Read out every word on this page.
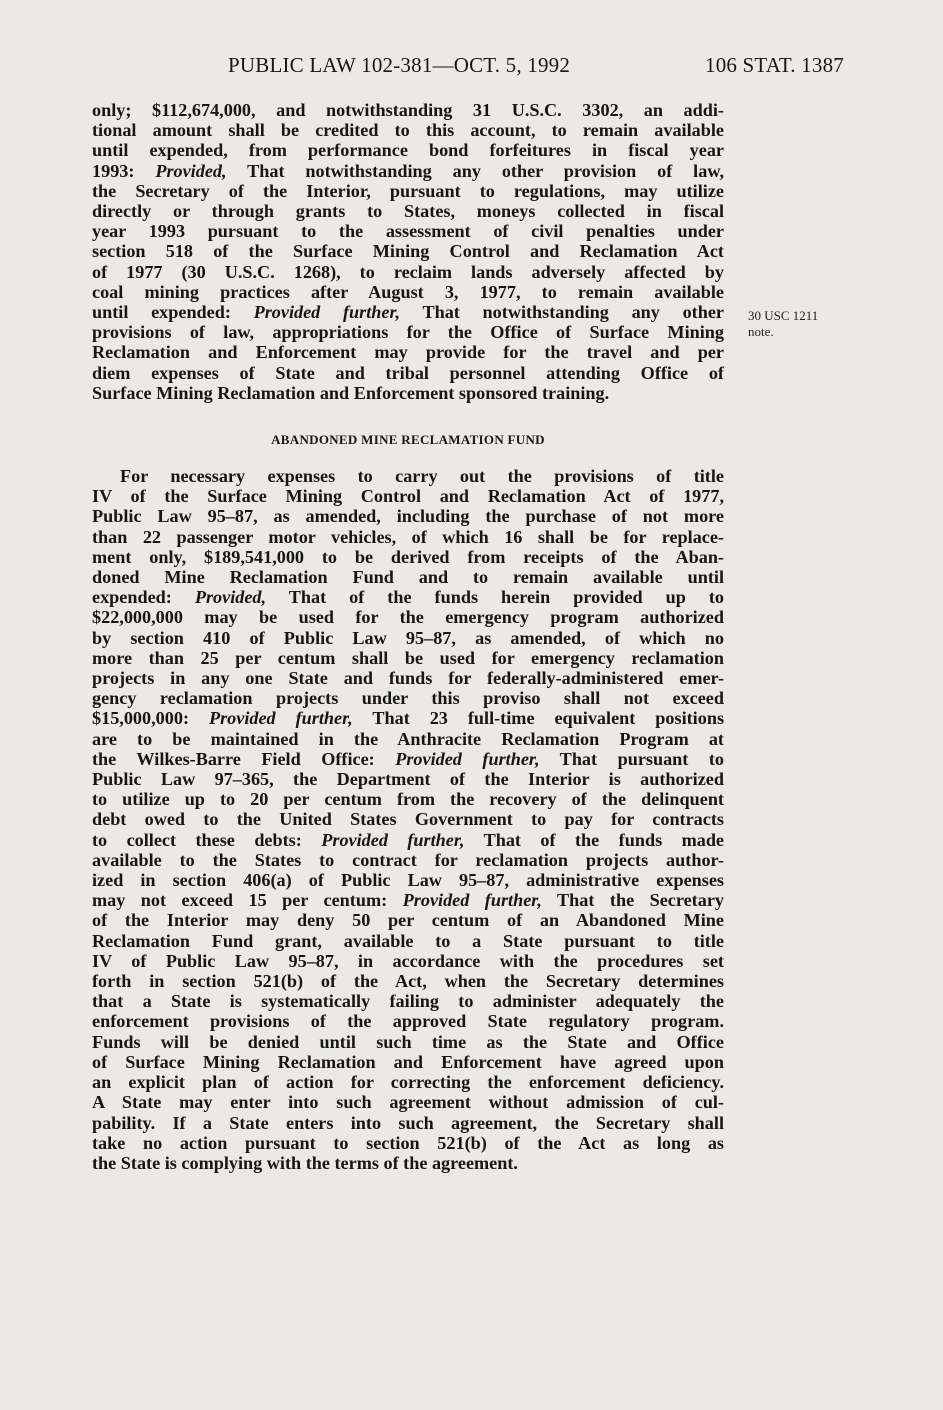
PUBLIC LAW 102-381—OCT. 5, 1992	106 STAT. 1387
only; $112,674,000, and notwithstanding 31 U.S.C. 3302, an addi-
tional amount shall be credited to this account, to remain available
until expended, from performance bond forfeitures in fiscal year
1993: Provided, That notwithstanding any other provision of law,
the Secretary of the Interior, pursuant to regulations, may utilize
directly or through grants to States, moneys collected in fiscal
year 1993 pursuant to the assessment of civil penalties under
section 518 of the Surface Mining Control and Reclamation Act
of 1977 (30 U.S.C. 1268), to reclaim lands adversely affected by
coal mining practices after August 3, 1977, to remain available
until expended: Provided further, That notwithstanding any other
provisions of law, appropriations for the Office of Surface Mining
Reclamation and Enforcement may provide for the travel and per
diem expenses of State and tribal personnel attending Office of
Surface Mining Reclamation and Enforcement sponsored training.
30 USC 1211
note.
ABANDONED MINE RECLAMATION FUND
For necessary expenses to carry out the provisions of title
IV of the Surface Mining Control and Reclamation Act of 1977,
Public Law 95–87, as amended, including the purchase of not more
than 22 passenger motor vehicles, of which 16 shall be for replace-
ment only, $189,541,000 to be derived from receipts of the Aban-
doned Mine Reclamation Fund and to remain available until
expended: Provided, That of the funds herein provided up to
$22,000,000 may be used for the emergency program authorized
by section 410 of Public Law 95–87, as amended, of which no
more than 25 per centum shall be used for emergency reclamation
projects in any one State and funds for federally-administered emer-
gency reclamation projects under this proviso shall not exceed
$15,000,000: Provided further, That 23 full-time equivalent positions
are to be maintained in the Anthracite Reclamation Program at
the Wilkes-Barre Field Office: Provided further, That pursuant to
Public Law 97–365, the Department of the Interior is authorized
to utilize up to 20 per centum from the recovery of the delinquent
debt owed to the United States Government to pay for contracts
to collect these debts: Provided further, That of the funds made
available to the States to contract for reclamation projects author-
ized in section 406(a) of Public Law 95–87, administrative expenses
may not exceed 15 per centum: Provided further, That the Secretary
of the Interior may deny 50 per centum of an Abandoned Mine
Reclamation Fund grant, available to a State pursuant to title
IV of Public Law 95–87, in accordance with the procedures set
forth in section 521(b) of the Act, when the Secretary determines
that a State is systematically failing to administer adequately the
enforcement provisions of the approved State regulatory program.
Funds will be denied until such time as the State and Office
of Surface Mining Reclamation and Enforcement have agreed upon
an explicit plan of action for correcting the enforcement deficiency.
A State may enter into such agreement without admission of cul-
pability. If a State enters into such agreement, the Secretary shall
take no action pursuant to section 521(b) of the Act as long as
the State is complying with the terms of the agreement.
